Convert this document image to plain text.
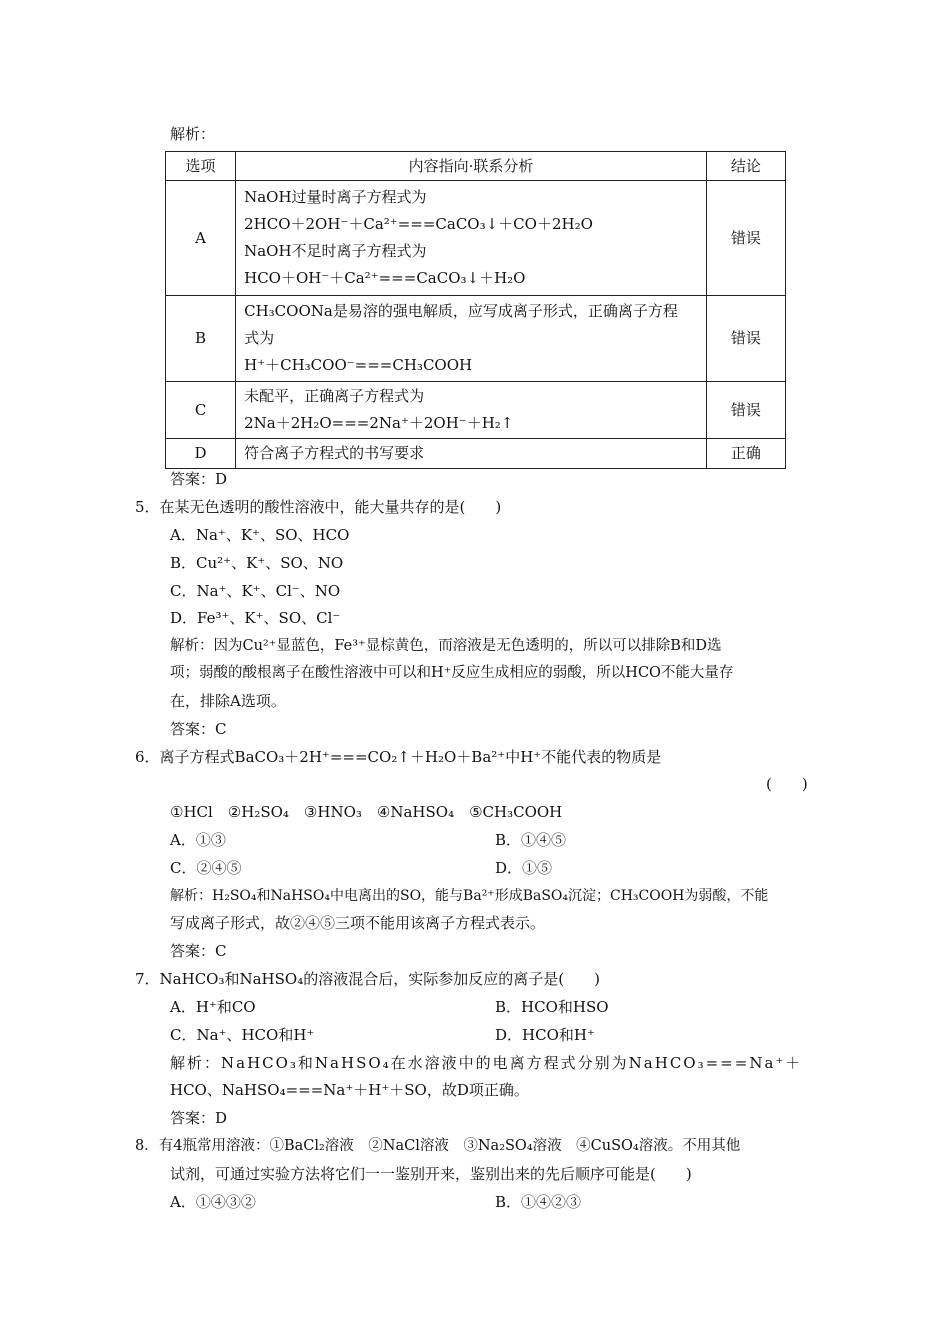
解析：
选项	内容指向·联系分析	结论
A	NaOH过量时离子方程式为
2HCO＋2OH⁻＋Ca²⁺===CaCO₃↓＋CO＋2H₂O
NaOH不足时离子方程式为
HCO＋OH⁻＋Ca²⁺===CaCO₃↓＋H₂O	错误
B	CH₃COONa是易溶的强电解质，应写成离子形式，正确离子方程
式为
H⁺＋CH₃COO⁻===CH₃COOH	错误
C	未配平，正确离子方程式为
2Na＋2H₂O===2Na⁺＋2OH⁻＋H₂↑	错误
D	符合离子方程式的书写要求	正确
答案：D
5．在某无色透明的酸性溶液中，能大量共存的是(　　)
A．Na⁺、K⁺、SO、HCO
B．Cu²⁺、K⁺、SO、NO
C．Na⁺、K⁺、Cl⁻、NO
D．Fe³⁺、K⁺、SO、Cl⁻
解析：因为Cu²⁺显蓝色，Fe³⁺显棕黄色，而溶液是无色透明的，所以可以排除B和D选
项；弱酸的酸根离子在酸性溶液中可以和H⁺反应生成相应的弱酸，所以HCO不能大量存
在，排除A选项。
答案：C
6．离子方程式BaCO₃＋2H⁺===CO₂↑＋H₂O＋Ba²⁺中H⁺不能代表的物质是
(　　)
①HCl　②H₂SO₄　③HNO₃　④NaHSO₄　⑤CH₃COOH
A．①③	B．①④⑤
C．②④⑤	D．①⑤
解析：H₂SO₄和NaHSO₄中电离出的SO，能与Ba²⁺形成BaSO₄沉淀；CH₃COOH为弱酸，不能
写成离子形式，故②④⑤三项不能用该离子方程式表示。
答案：C
7．NaHCO₃和NaHSO₄的溶液混合后，实际参加反应的离子是(　　)
A．H⁺和CO	B．HCO和HSO
C．Na⁺、HCO和H⁺	D．HCO和H⁺
解析：NaHCO₃和NaHSO₄在水溶液中的电离方程式分别为NaHCO₃===Na⁺＋
HCO、NaHSO₄===Na⁺＋H⁺＋SO，故D项正确。
答案：D
8．有4瓶常用溶液：①BaCl₂溶液　②NaCl溶液　③Na₂SO₄溶液　④CuSO₄溶液。不用其他
试剂，可通过实验方法将它们一一鉴别开来，鉴别出来的先后顺序可能是(　　)
A．①④③②	B．①④②③
